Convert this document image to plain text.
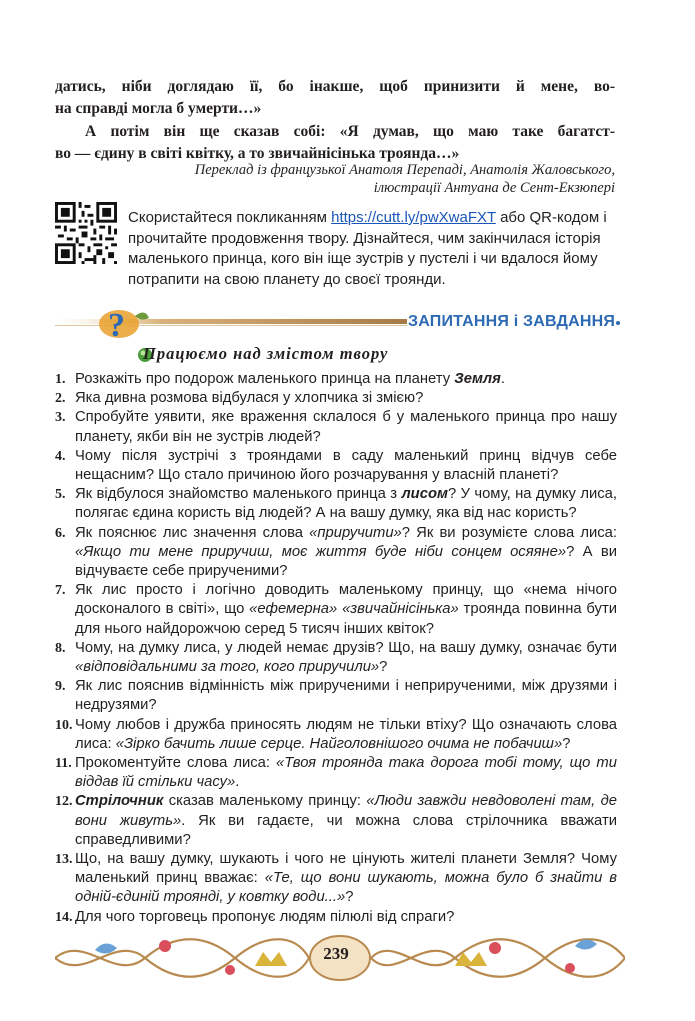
датись, ніби доглядаю її, бо інакше, щоб принизити й мене, во-
на справді могла б умерти…»
А потім він ще сказав собі: «Я думав, що маю таке багатст-
во — єдину в світі квітку, а то звичайнісінька троянда…»
Переклад із французької Анатоля Перепаді, Анатолія Жаловського,
ілюстрації Антуана де Сент-Екзюпері
Скористайтеся покликанням https://cutt.ly/pwXwaFXT або QR-кодом і прочитайте продовження твору. Дізнайтеся, чим закінчилася історія маленького принца, кого він іще зустрів у пустелі і чи вдалося йому потрапити на свою планету до своєї троянди.
?	ЗАПИТАННЯ і ЗАВДАННЯ
Працюємо над змістом твору
1. Розкажіть про подорож маленького принца на планету Земля.
2. Яка дивна розмова відбулася у хлопчика зі змією?
3. Спробуйте уявити, яке враження склалося б у маленького принца про нашу планету, якби він не зустрів людей?
4. Чому після зустрічі з трояндами в саду маленький принц відчув себе нещасним? Що стало причиною його розчарування у власній планеті?
5. Як відбулося знайомство маленького принца з лисом? У чому, на думку лиса, полягає єдина користь від людей? А на вашу думку, яка від нас користь?
6. Як пояснює лис значення слова «приручити»? Як ви розумієте слова лиса: «Якщо ти мене приручиш, моє життя буде ніби сонцем осяяне»? А ви відчуваєте себе прирученими?
7. Як лис просто і логічно доводить маленькому принцу, що «нема нічого досконалого в світі», що «ефемерна» «звичайнісінька» троянда повинна бути для нього найдорожчою серед 5 тисяч інших квіток?
8. Чому, на думку лиса, у людей немає друзів? Що, на вашу думку, означає бути «відповідальними за того, кого приручили»?
9. Як лис пояснив відмінність між прирученими і неприрученими, між друзями і недрузями?
10. Чому любов і дружба приносять людям не тільки втіху? Що означають слова лиса: «Зірко бачить лише серце. Найголовнішого очима не побачиш»?
11. Прокоментуйте слова лиса: «Твоя троянда така дорога тобі тому, що ти віддав їй стільки часу».
12. Стрілочник сказав маленькому принцу: «Люди завжди невдоволені там, де вони живуть». Як ви гадаєте, чи можна слова стрілочника вважати справедливими?
13. Що, на вашу думку, шукають і чого не цінують жителі планети Земля? Чому маленький принц вважає: «Те, що вони шукають, можна було б знайти в одній-єдиній троянді, у ковтку води...»?
14. Для чого торговець пропонує людям пілюлі від спраги?
239
